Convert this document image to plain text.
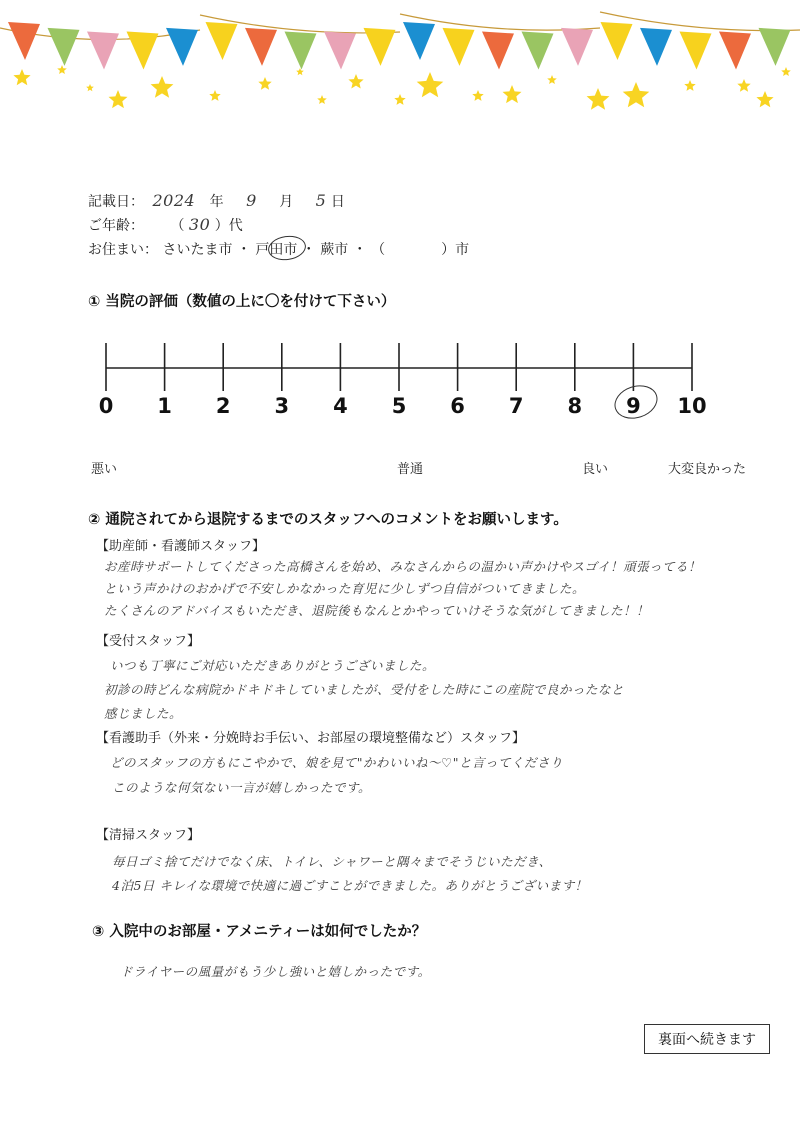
記載日： 2024 年 9 月 5 日
ご年齢： （ 30 ）代
お住まい： さいたま市 ・ 戸田市 ・ 蕨市 ・ （　　　　）市
① 当院の評価（数値の上に〇を付けて下さい）
0	1	2	3	4	5	6	7	8	9	10
悪い	普通	良い	大変良かった
② 通院されてから退院するまでのスタッフへのコメントをお願いします。
【助産師・看護師スタッフ】
お産時サポートしてくださった高橋さんを始め、みなさんからの温かい声かけやスゴイ！頑張ってる！
という声かけのおかげで不安しかなかった育児に少しずつ自信がついてきました。
たくさんのアドバイスもいただき、退院後もなんとかやっていけそうな気がしてきました！！
【受付スタッフ】
いつも丁寧にご対応いただきありがとうございました。
初診の時どんな病院かドキドキしていましたが、受付をした時にこの産院で良かったなと
感じました。
【看護助手（外来・分娩時お手伝い、お部屋の環境整備など）スタッフ】
どのスタッフの方もにこやかで、娘を見て"かわいいね〜♡"と言ってくださり
このような何気ない一言が嬉しかったです。
【清掃スタッフ】
毎日ゴミ捨てだけでなく床、トイレ、シャワーと隅々までそうじいただき、
4泊5日 キレイな環境で快適に過ごすことができました。ありがとうございます！
③ 入院中のお部屋・アメニティーは如何でしたか？
ドライヤーの風量がもう少し強いと嬉しかったです。
裏面へ続きます
